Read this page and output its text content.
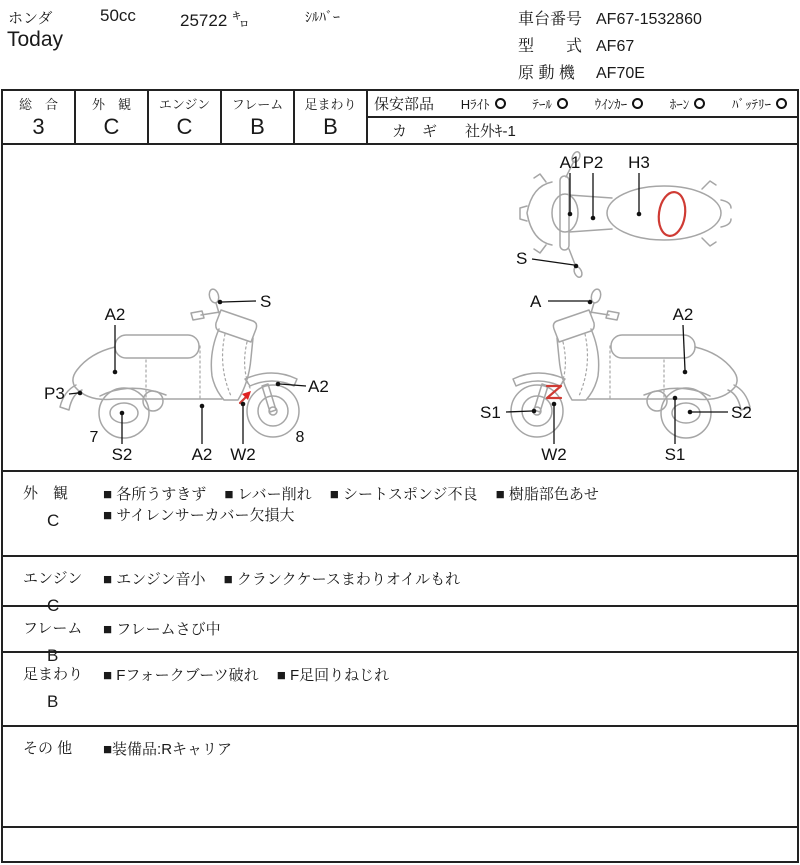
ホンダ	50cc	25722 ㌔	ｼﾙﾊﾞｰ
Today
車台番号 AF67-1532860
型　　式 AF67
原 動 機 AF70E
総　合
3
外　観
C
エンジン
C
フレーム
B
足まわり
B
保安部品 Hﾗｲﾄ	ﾃｰﾙ	ｳｲﾝｶｰ	ﾎｰﾝ	ﾊﾞｯﾃﾘｰ
カ　ギ 社外ｷ-1
A1 P2 H3
S
S
A2
P3
7
S2	A2 W2
8
A2
A
A2
S1
W2	S1
S2
外　観
C
■ 各所うすきず ■ レバー削れ ■ シートスポンジ不良 ■ 樹脂部色あせ ■ サイレンサーカバー欠損大
エンジン
C
■ エンジン音小 ■ クランクケースまわりオイルもれ
フレーム
B
■ フレームさび中
足まわり
B
■ Fフォークブーツ破れ ■ F足回りねじれ
その 他	■装備品:Rキャリア
